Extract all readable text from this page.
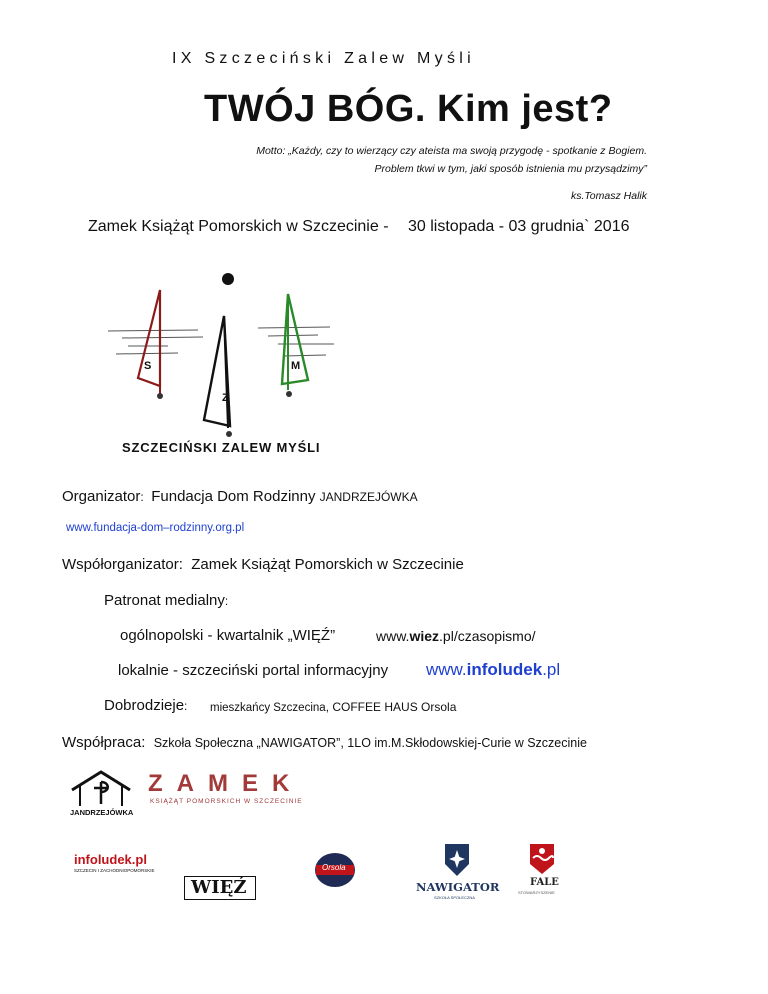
IX Szczeciński Zalew Myśli
TWÓJ BÓG. Kim jest?
Motto: „Każdy, czy to wierzący czy ateista ma swoją przygodę - spotkanie z Bogiem.
Problem tkwi w tym, jaki sposób istnienia mu przysądzimy”
ks.Tomasz Halik
Zamek Książąt Pomorskich w Szczecinie - 30 listopada - 03 grudnia` 2016
S
Z
M
SZCZECIŃSKI ZALEW MYŚLI
Organizator:  Fundacja Dom Rodzinny JANDRZEJÓWKA
www.fundacja-dom–rodzinny.org.pl
Współorganizator: Zamek Książąt Pomorskich w Szczecinie
Patronat medialny:
ogólnopolski - kwartalnik „WIĘŹ”	www.wiez.pl/czasopismo/
lokalnie - szczeciński portal informacyjny www.infoludek.pl
Dobrodzieje: mieszkańcy Szczecina, COFFEE HAUS Orsola
Współpraca: Szkoła Społeczna „NAWIGATOR”, 1LO im.M.Skłodowskiej-Curie w Szczecinie
JANDRZEJÓWKA
ZAMEK
KSIĄŻĄT POMORSKICH W SZCZECINIE
infoludek.pl
SZCZECIN I ZACHODNIOPOMORSKIE
WIĘŹ
Orsola
NAWIGATOR
SZKOŁA SPOŁECZNA
FALE
STOWARZYSZENIE
